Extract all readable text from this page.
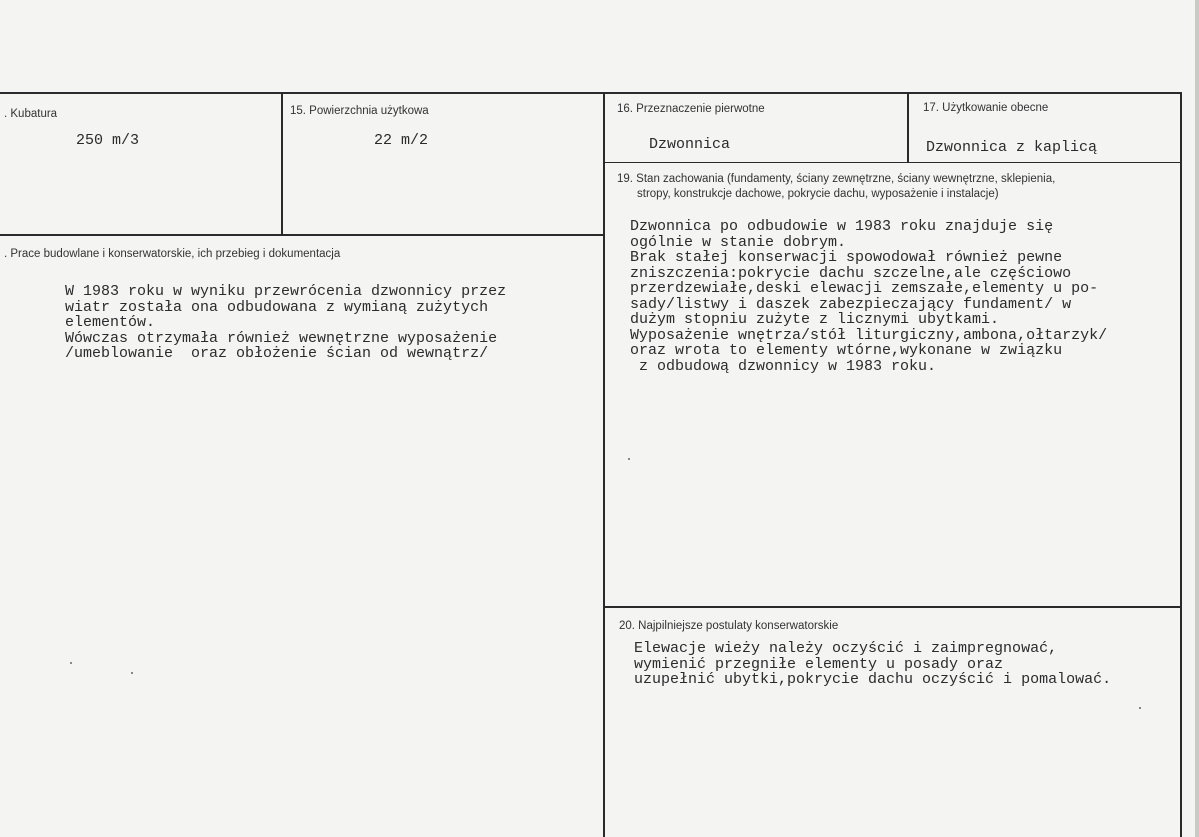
. Kubatura
250 m/3
15. Powierzchnia użytkowa
22 m/2
16. Przeznaczenie pierwotne
Dzwonnica
17. Użytkowanie obecne
Dzwonnica z kaplicą
. Prace budowlane i konserwatorskie, ich przebieg i dokumentacja
W 1983 roku w wyniku przewrócenia dzwonnicy przez
wiatr została ona odbudowana z wymianą zużytych
elementów.
Wówczas otrzymała również wewnętrzne wyposażenie
/umeblowanie  oraz obłożenie ścian od wewnątrz/
19. Stan zachowania (fundamenty, ściany zewnętrzne, ściany wewnętrzne, sklepienia,
stropy, konstrukcje dachowe, pokrycie dachu, wyposażenie i instalacje)
Dzwonnica po odbudowie w 1983 roku znajduje się
ogólnie w stanie dobrym.
Brak stałej konserwacji spowodował również pewne
zniszczenia:pokrycie dachu szczelne,ale częściowo
przerdzewiałe,deski elewacji zemszałe,elementy u po-
sady/listwy i daszek zabezpieczający fundament/ w
dużym stopniu zużyte z licznymi ubytkami.
Wyposażenie wnętrza/stół liturgiczny,ambona,ołtarzyk/
oraz wrota to elementy wtórne,wykonane w związku
z odbudową dzwonnicy w 1983 roku.
20. Najpilniejsze postulaty konserwatorskie
Elewacje wieży należy oczyścić i zaimpregnować,
wymienić przegniłe elementy u posady oraz
uzupełnić ubytki,pokrycie dachu oczyścić i pomalować.
